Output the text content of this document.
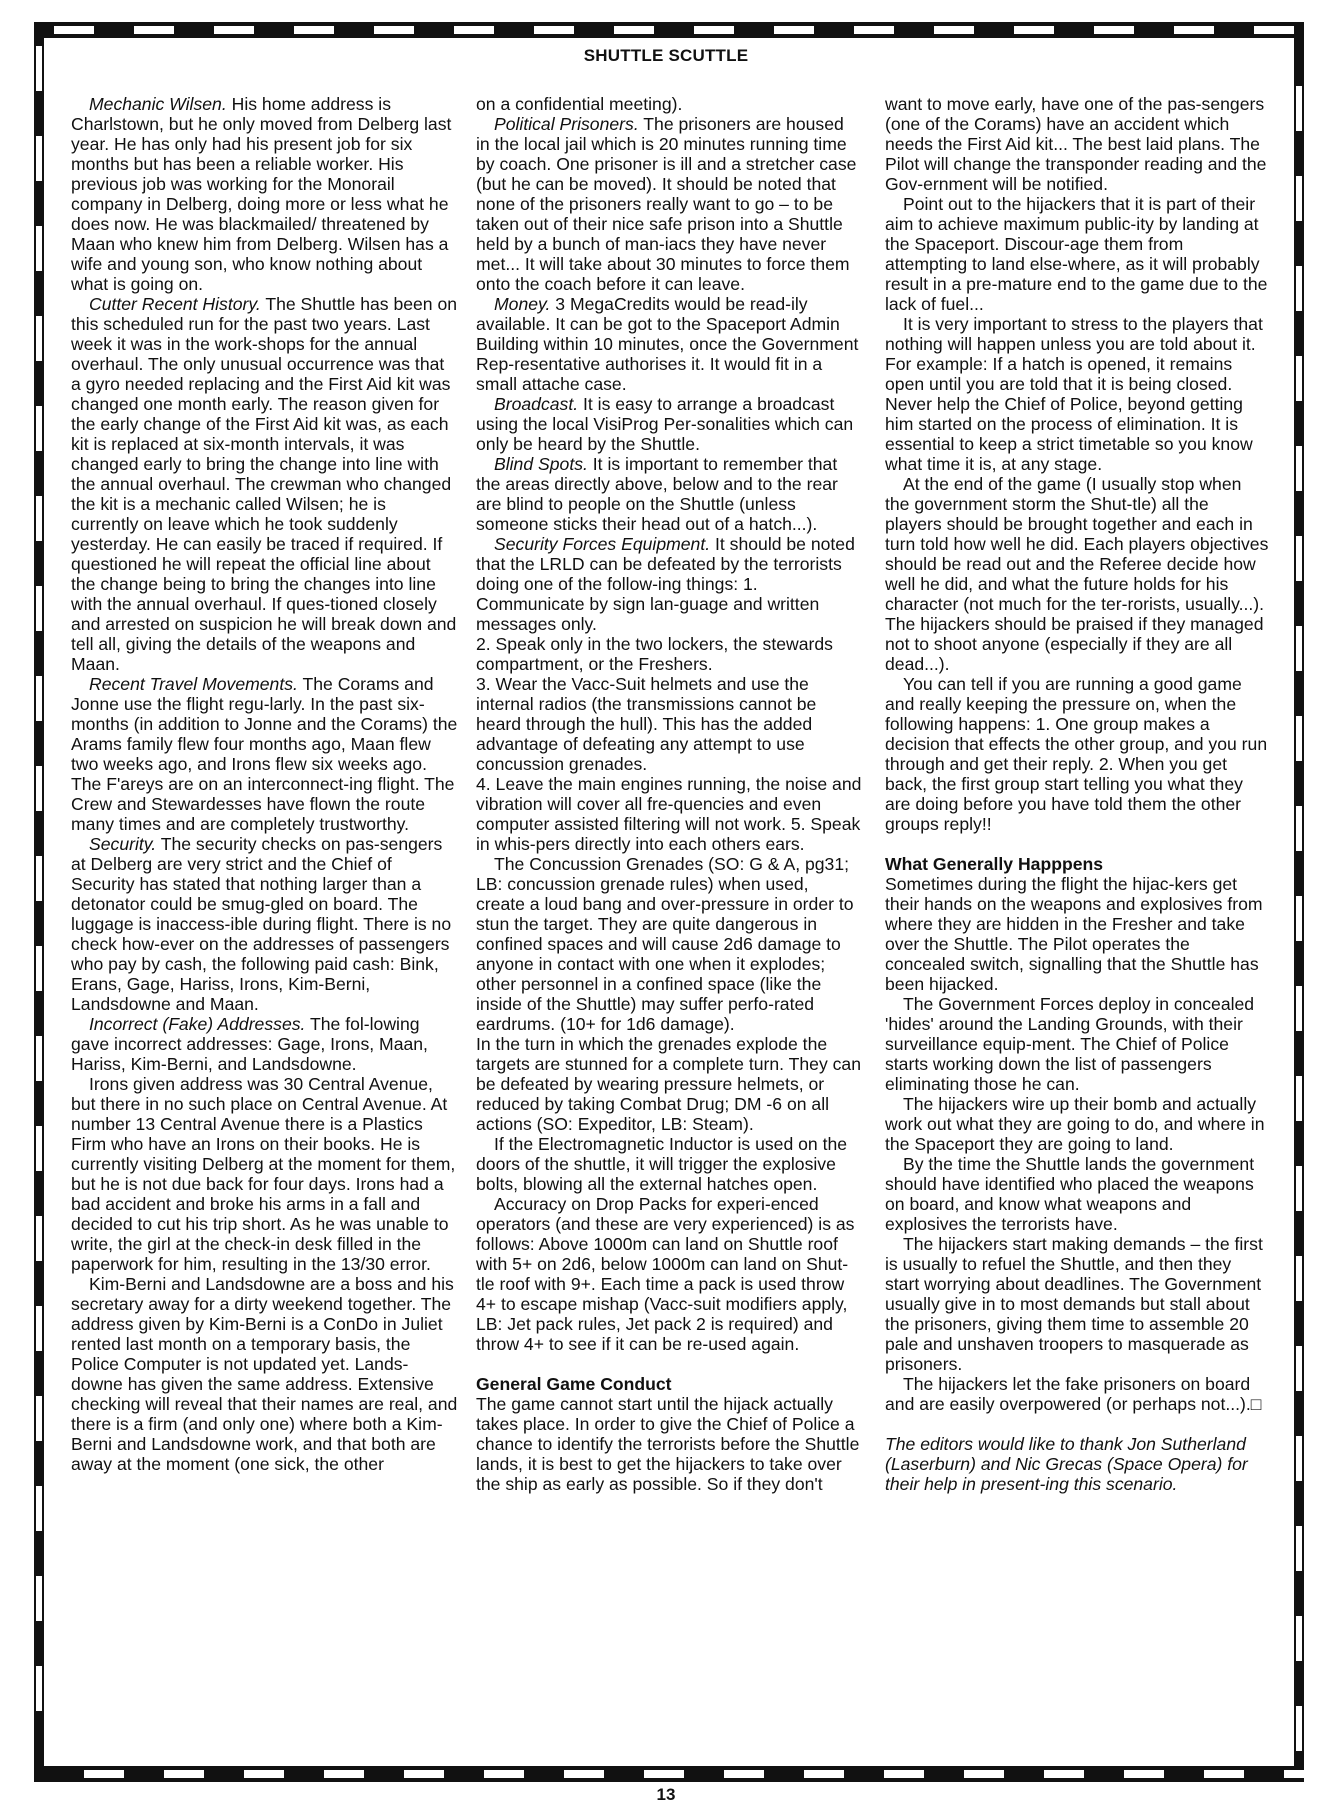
SHUTTLE SCUTTLE

Mechanic Wilsen. His home address is Charlstown, but he only moved from Delberg last year. He has only had his present job for six months but has been a reliable worker. His previous job was working for the Monorail company in Delberg, doing more or less what he does now. He was blackmailed/ threatened by Maan who knew him from Delberg. Wilsen has a wife and young son, who know nothing about what is going on.

Cutter Recent History. The Shuttle has been on this scheduled run for the past two years. Last week it was in the work-shops for the annual overhaul. The only unusual occurrence was that a gyro needed replacing and the First Aid kit was changed one month early. The reason given for the early change of the First Aid kit was, as each kit is replaced at six-month intervals, it was changed early to bring the change into line with the annual overhaul. The crewman who changed the kit is a mechanic called Wilsen; he is currently on leave which he took suddenly yesterday. He can easily be traced if required. If questioned he will repeat the official line about the change being to bring the changes into line with the annual overhaul. If ques-tioned closely and arrested on suspicion he will break down and tell all, giving the details of the weapons and Maan.

Recent Travel Movements. The Corams and Jonne use the flight regu-larly. In the past six-months (in addition to Jonne and the Corams) the Arams family flew four months ago, Maan flew two weeks ago, and Irons flew six weeks ago. The F'areys are on an interconnect-ing flight. The Crew and Stewardesses have flown the route many times and are completely trustworthy.

Security. The security checks on pas-sengers at Delberg are very strict and the Chief of Security has stated that nothing larger than a detonator could be smug-gled on board. The luggage is inaccess-ible during flight. There is no check how-ever on the addresses of passengers who pay by cash, the following paid cash: Bink, Erans, Gage, Hariss, Irons, Kim-Berni, Landsdowne and Maan.

Incorrect (Fake) Addresses. The fol-lowing gave incorrect addresses: Gage, Irons, Maan, Hariss, Kim-Berni, and Landsdowne.

Irons given address was 30 Central Avenue, but there in no such place on Central Avenue. At number 13 Central Avenue there is a Plastics Firm who have an Irons on their books. He is currently visiting Delberg at the moment for them, but he is not due back for four days. Irons had a bad accident and broke his arms in a fall and decided to cut his trip short. As he was unable to write, the girl at the check-in desk filled in the paperwork for him, resulting in the 13/30 error.

Kim-Berni and Landsdowne are a boss and his secretary away for a dirty weekend together. The address given by Kim-Berni is a ConDo in Juliet rented last month on a temporary basis, the Police Computer is not updated yet. Lands-downe has given the same address. Extensive checking will reveal that their names are real, and there is a firm (and only one) where both a Kim-Berni and Landsdowne work, and that both are away at the moment (one sick, the other

on a confidential meeting).

Political Prisoners. The prisoners are housed in the local jail which is 20 minutes running time by coach. One prisoner is ill and a stretcher case (but he can be moved). It should be noted that none of the prisoners really want to go – to be taken out of their nice safe prison into a Shuttle held by a bunch of man-iacs they have never met... It will take about 30 minutes to force them onto the coach before it can leave.

Money. 3 MegaCredits would be read-ily available. It can be got to the Spaceport Admin Building within 10 minutes, once the Government Rep-resentative authorises it. It would fit in a small attache case.

Broadcast. It is easy to arrange a broadcast using the local VisiProg Per-sonalities which can only be heard by the Shuttle.

Blind Spots. It is important to remember that the areas directly above, below and to the rear are blind to people on the Shuttle (unless someone sticks their head out of a hatch...).

Security Forces Equipment. It should be noted that the LRLD can be defeated by the terrorists doing one of the follow-ing things: 1. Communicate by sign lan-guage and written messages only.

2. Speak only in the two lockers, the stewards compartment, or the Freshers.

3. Wear the Vacc-Suit helmets and use the internal radios (the transmissions cannot be heard through the hull). This has the added advantage of defeating any attempt to use concussion grenades.

4. Leave the main engines running, the noise and vibration will cover all fre-quencies and even computer assisted filtering will not work. 5. Speak in whis-pers directly into each others ears.

The Concussion Grenades (SO: G & A, pg31; LB: concussion grenade rules) when used, create a loud bang and over-pressure in order to stun the target. They are quite dangerous in confined spaces and will cause 2d6 damage to anyone in contact with one when it explodes; other personnel in a confined space (like the inside of the Shuttle) may suffer perfo-rated eardrums. (10+ for 1d6 damage).

In the turn in which the grenades explode the targets are stunned for a complete turn. They can be defeated by wearing pressure helmets, or reduced by taking Combat Drug; DM -6 on all actions (SO: Expeditor, LB: Steam).

If the Electromagnetic Inductor is used on the doors of the shuttle, it will trigger the explosive bolts, blowing all the external hatches open.

Accuracy on Drop Packs for experi-enced operators (and these are very experienced) is as follows: Above 1000m can land on Shuttle roof with 5+ on 2d6, below 1000m can land on Shut-tle roof with 9+. Each time a pack is used throw 4+ to escape mishap (Vacc-suit modifiers apply, LB: Jet pack rules, Jet pack 2 is required) and throw 4+ to see if it can be re-used again.

General Game Conduct

The game cannot start until the hijack actually takes place. In order to give the Chief of Police a chance to identify the terrorists before the Shuttle lands, it is best to get the hijackers to take over the ship as early as possible. So if they don't

want to move early, have one of the pas-sengers (one of the Corams) have an accident which needs the First Aid kit... The best laid plans. The Pilot will change the transponder reading and the Gov-ernment will be notified.

Point out to the hijackers that it is part of their aim to achieve maximum public-ity by landing at the Spaceport. Discour-age them from attempting to land else-where, as it will probably result in a pre-mature end to the game due to the lack of fuel...

It is very important to stress to the players that nothing will happen unless you are told about it. For example: If a hatch is opened, it remains open until you are told that it is being closed. Never help the Chief of Police, beyond getting him started on the process of elimination. It is essential to keep a strict timetable so you know what time it is, at any stage.

At the end of the game (I usually stop when the government storm the Shut-tle) all the players should be brought together and each in turn told how well he did. Each players objectives should be read out and the Referee decide how well he did, and what the future holds for his character (not much for the ter-rorists, usually...). The hijackers should be praised if they managed not to shoot anyone (especially if they are all dead...).

You can tell if you are running a good game and really keeping the pressure on, when the following happens: 1. One group makes a decision that effects the other group, and you run through and get their reply. 2. When you get back, the first group start telling you what they are doing before you have told them the other groups reply!!

What Generally Happpens

Sometimes during the flight the hijac-kers get their hands on the weapons and explosives from where they are hidden in the Fresher and take over the Shuttle. The Pilot operates the concealed switch, signalling that the Shuttle has been hijacked.

The Government Forces deploy in concealed 'hides' around the Landing Grounds, with their surveillance equip-ment. The Chief of Police starts working down the list of passengers eliminating those he can.

The hijackers wire up their bomb and actually work out what they are going to do, and where in the Spaceport they are going to land.

By the time the Shuttle lands the government should have identified who placed the weapons on board, and know what weapons and explosives the terrorists have.

The hijackers start making demands – the first is usually to refuel the Shuttle, and then they start worrying about deadlines. The Government usually give in to most demands but stall about the prisoners, giving them time to assemble 20 pale and unshaven troopers to masquerade as prisoners.

The hijackers let the fake prisoners on board and are easily overpowered (or perhaps not...).□

The editors would like to thank Jon Sutherland (Laserburn) and Nic Grecas (Space Opera) for their help in present-ing this scenario.

13
